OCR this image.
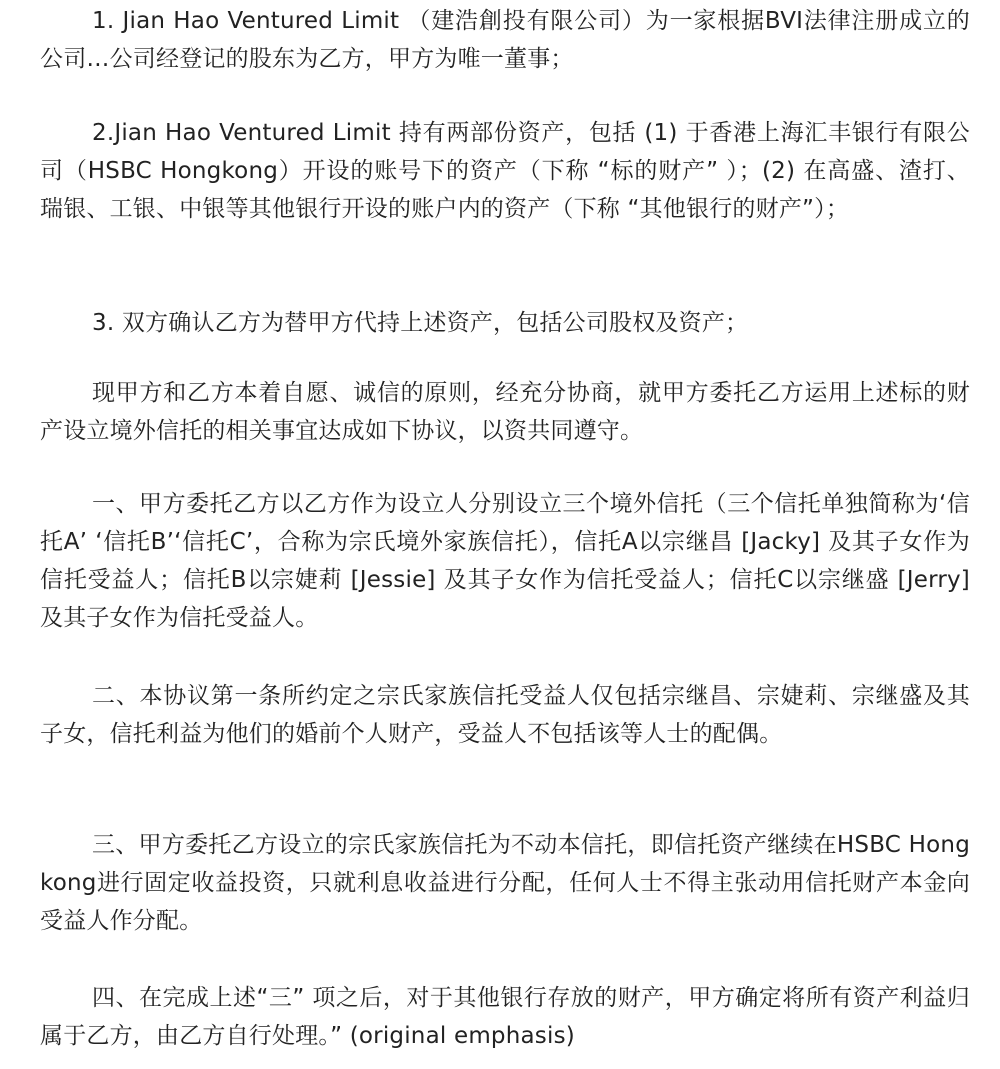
1. Jian Hao Ventured Limit （建浩創投有限公司）为一家根据BVI法律注册成立的公司…公司经登记的股东为乙方，甲方为唯一董事；

2.Jian Hao Ventured Limit 持有两部份资产，包括 (1) 于香港上海汇丰银行有限公司（HSBC Hongkong）开设的账号下的资产（下称 “标的财产” ）；(2) 在高盛、渣打、瑞银、工银、中银等其他银行开设的账户内的资产（下称 “其他银行的财产”）；

3. 双方确认乙方为替甲方代持上述资产，包括公司股权及资产；

现甲方和乙方本着自愿、诚信的原则，经充分协商，就甲方委托乙方运用上述标的财产设立境外信托的相关事宜达成如下协议，以资共同遵守。

一、甲方委托乙方以乙方作为设立人分别设立三个境外信托（三个信托单独简称为‘信托A’ ‘信托B’‘信托C’，合称为宗氏境外家族信托），信托A以宗继昌 [Jacky] 及其子女作为信托受益人；信托B以宗婕莉 [Jessie] 及其子女作为信托受益人；信托C以宗继盛 [Jerry] 及其子女作为信托受益人。

二、本协议第一条所约定之宗氏家族信托受益人仅包括宗继昌、宗婕莉、宗继盛及其子女，信托利益为他们的婚前个人财产，受益人不包括该等人士的配偶。

三、甲方委托乙方设立的宗氏家族信托为不动本信托，即信托资产继续在HSBC Hongkong进行固定收益投资，只就利息收益进行分配，任何人士不得主张动用信托财产本金向受益人作分配。

四、在完成上述“三” 项之后，对于其他银行存放的财产，甲方确定将所有资产利益归属于乙方，由乙方自行处理。” (original emphasis)
